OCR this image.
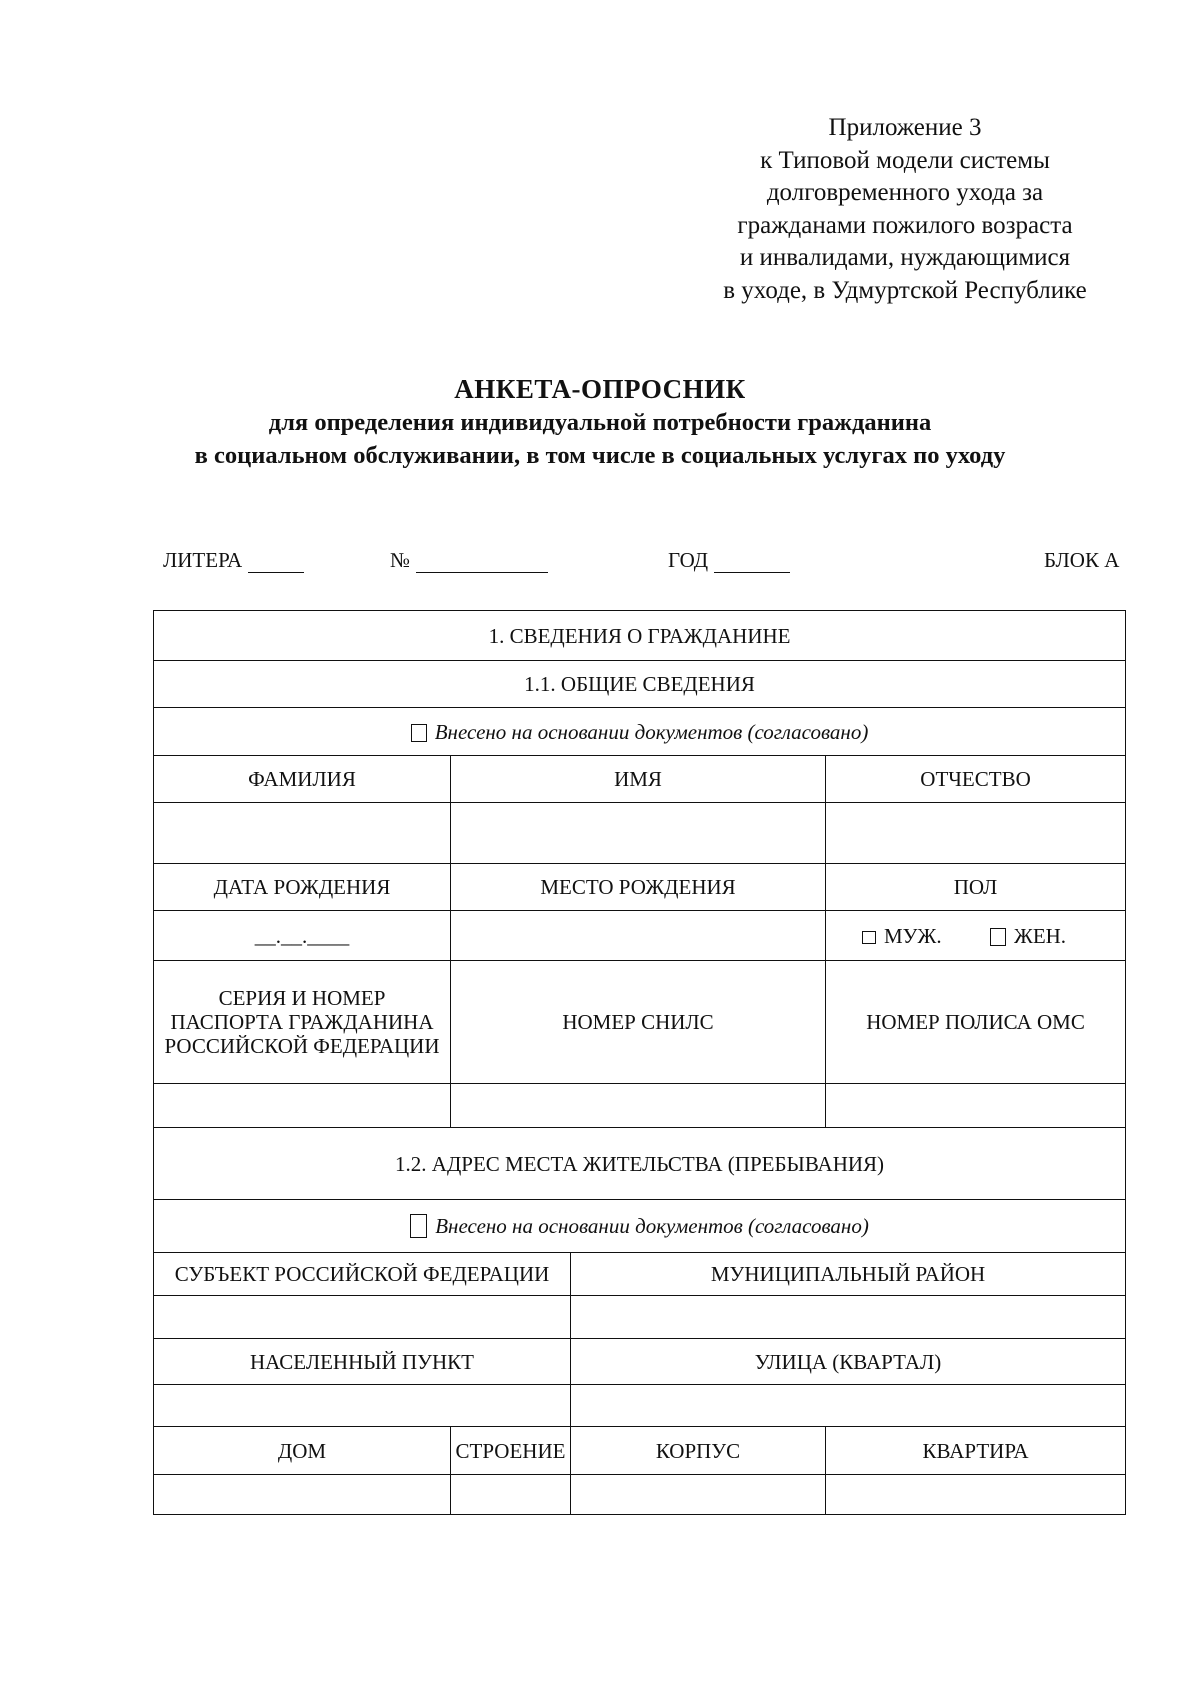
Приложение 3
к Типовой модели системы
долговременного ухода за
гражданами пожилого возраста
и инвалидами, нуждающимися
в уходе, в Удмуртской Республике
АНКЕТА-ОПРОСНИК
для определения индивидуальной потребности гражданина
в социальном обслуживании, в том числе в социальных услугах по уходу
ЛИТЕРА	№	ГОД	БЛОК А
1. СВЕДЕНИЯ О ГРАЖДАНИНЕ			
1.1. ОБЩИЕ СВЕДЕНИЯ			
Внесено на основании документов (согласовано)			
ФАМИЛИЯ	ИМЯ		ОТЧЕСТВО

ДАТА РОЖДЕНИЯ	МЕСТО РОЖДЕНИЯ		ПОЛ
__.__.____			МУЖ. ЖЕН.

СЕРИЯ И НОМЕР
ПАСПОРТА ГРАЖДАНИНА
РОССИЙСКОЙ ФЕДЕРАЦИИ	НОМЕР СНИЛС		НОМЕР ПОЛИСА ОМС

1.2. АДРЕС МЕСТА ЖИТЕЛЬСТВА (ПРЕБЫВАНИЯ)			
Внесено на основании документов (согласовано)			
СУБЪЕКТ РОССИЙСКОЙ ФЕДЕРАЦИИ		МУНИЦИПАЛЬНЫЙ РАЙОН	

НАСЕЛЕННЫЙ ПУНКТ		УЛИЦА (КВАРТАЛ)	

ДОМ	СТРОЕНИЕ	КОРПУС	КВАРТИРА
